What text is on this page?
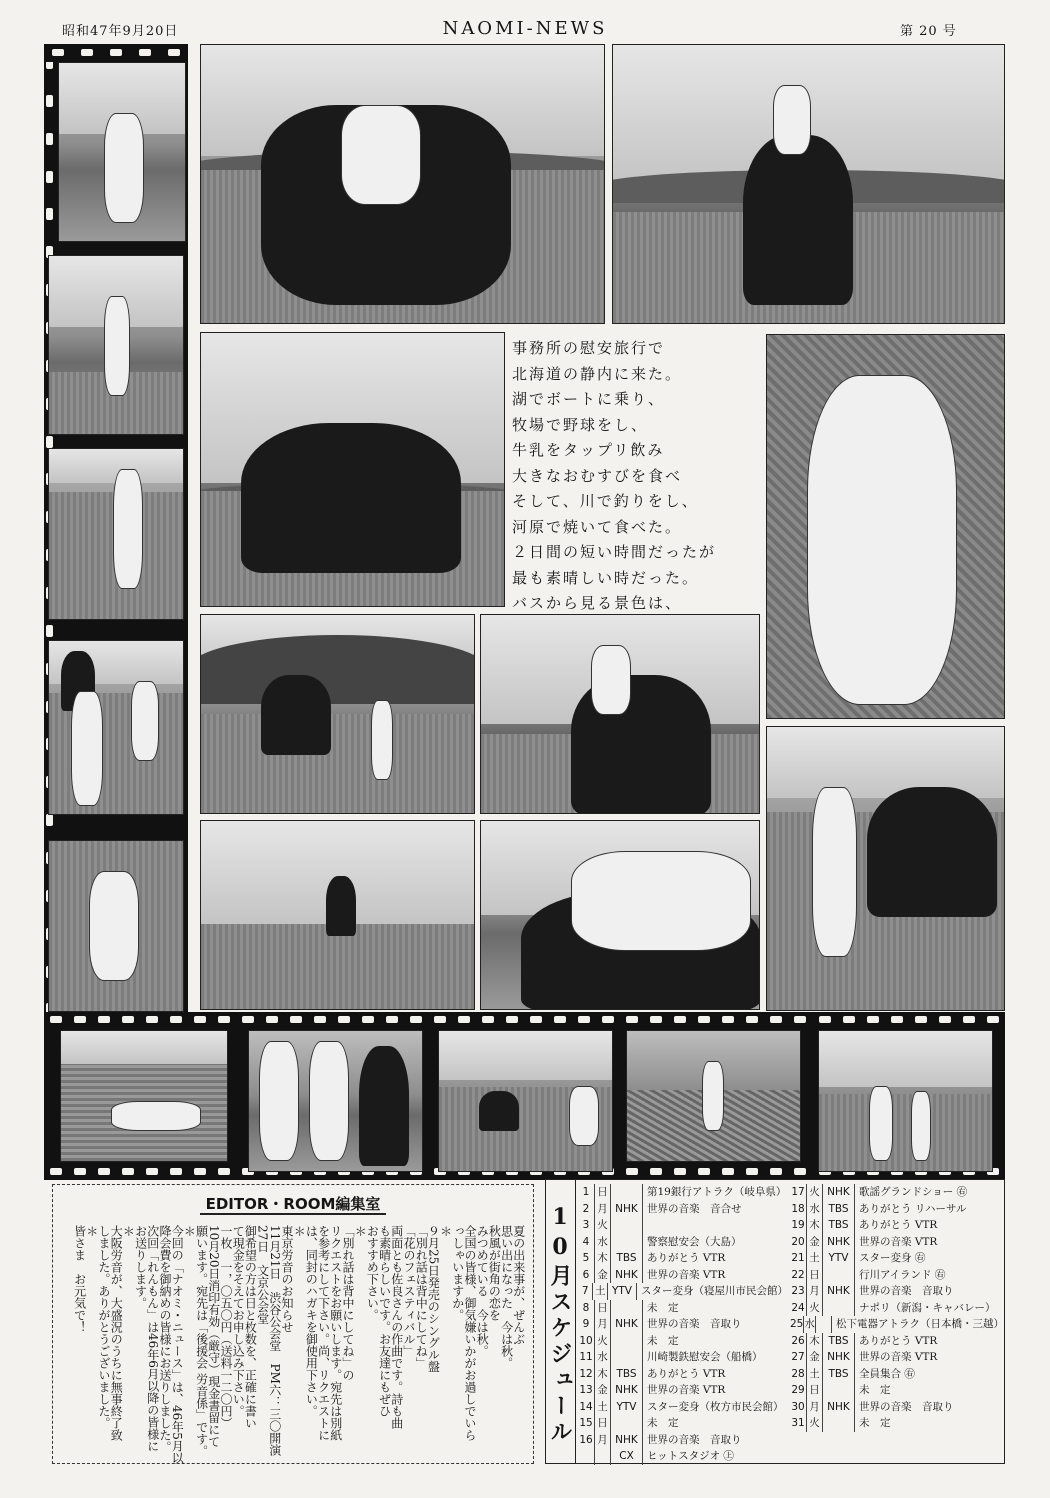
昭和47年9月20日	NAOMI-NEWS	第 20 号
事務所の慰安旅行で
北海道の静内に来た。
湖でボートに乗り、
牧場で野球をし、
牛乳をタップリ飲み
大きなおむすびを食べ
そして、川で釣りをし、
河原で焼いて食べた。
２日間の短い時間だったが
最も素晴しい時だった。
バスから見る景色は、
EDITOR・ROOM編集室
夏の出来事が、ぜんぶ
思い出になった　今は秋。
秋風が街角の恋を
みつめている　今は秋。
全国の皆様、御気嫌いかがお過しでいら
っしゃいますか。
＊
９月25日発売のシングル盤
「別れ話は背中にしてね」
「花のフェスティバル」
両面とも佐良さんの作曲です。詩も曲
も素晴らしいです。お友達にもぜひ
おすすめ下さい。
＊
「別れ話は背中にしてね」の
リクエストをお願いします。宛先は別紙
を参考にして下さい。尚、リクエストに
は、同封のハガキを御使用下さい。
＊
東京労音のお知らせ
11月21日　渋谷公会堂　PM六：三〇開演
27日　文京公会堂
御希望の方は日と枚数を、正確に書い
て現金をそえてお申し込み下さい。
一枚　一，〇五〇円（送料一二〇円）
10月20日消印有効（厳守）現金書留にて
願います。宛先は「後援会 労音係」です。
＊
今回の「ナオミ・ニュース」は、46年5月以
降会費を御納めの皆様にお送りしました。
次回「れんもん」は46年6月以降の皆様に
お送りします。
＊
大阪労音が、大盛況のうちに無事終了致
しました。ありがとうございました。
＊
皆さま　お元気で！	10月スケジュール
1 日	第19銀行アトラク（岐阜県）
2 月 NHK 世界の音楽　音合せ
3 火
4 水	警察慰安会（大島）
5 木 TBS ありがとう VTR
6 金 NHK 世界の音楽 VTR
7 土 YTV スター変身（寝屋川市民会館）
8 日	未　定
9 月 NHK 世界の音楽　音取り
10 火	未　定
11 水	川崎製鉄慰安会（船橋）
12 木 TBS ありがとう VTR
13 金 NHK 世界の音楽 VTR
14 土 YTV	スター変身（枚方市民会館）
15 日	未　定
16 月 NHK 世界の音楽　音取り
CX	ヒットスタジオ ㊤
17 火 NHK 歌謡グランドショー ㊨
18 水 TBS ありがとう リハーサル
19 木 TBS ありがとう VTR
20 金 NHK 世界の音楽 VTR
21 土 YTV	スター変身 ㊨
22 日	行川アイランド ㊨
23 月 NHK 世界の音楽　音取り
24 火	ナポリ（新潟・キャバレー）
25 水	松下電器アトラク（日本橋・三越）
26 木 TBS ありがとう VTR
27 金 NHK 世界の音楽 VTR
28 土 TBS 全員集合 ㊨
29 日	未　定
30 月 NHK 世界の音楽　音取り
31 火	未　定
